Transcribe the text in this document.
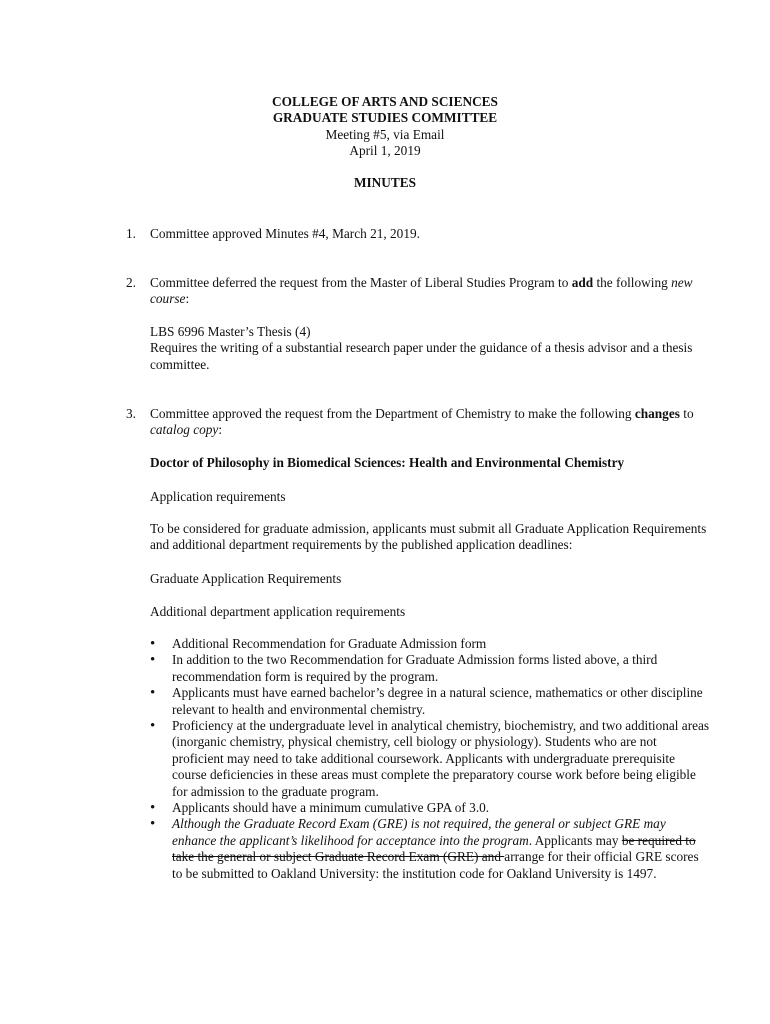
COLLEGE OF ARTS AND SCIENCES
GRADUATE STUDIES COMMITTEE
Meeting #5, via Email
April 1, 2019
MINUTES
1.	Committee approved Minutes #4, March 21, 2019.
2.	Committee deferred the request from the Master of Liberal Studies Program to add the following new course:
LBS 6996 Master’s Thesis (4)
Requires the writing of a substantial research paper under the guidance of a thesis advisor and a thesis committee.
3.	Committee approved the request from the Department of Chemistry to make the following changes to catalog copy:
Doctor of Philosophy in Biomedical Sciences: Health and Environmental Chemistry
Application requirements
To be considered for graduate admission, applicants must submit all Graduate Application Requirements and additional department requirements by the published application deadlines:
Graduate Application Requirements
Additional department application requirements
• Additional Recommendation for Graduate Admission form
• In addition to the two Recommendation for Graduate Admission forms listed above, a third recommendation form is required by the program.
• Applicants must have earned bachelor’s degree in a natural science, mathematics or other discipline relevant to health and environmental chemistry.
• Proficiency at the undergraduate level in analytical chemistry, biochemistry, and two additional areas (inorganic chemistry, physical chemistry, cell biology or physiology). Students who are not proficient may need to take additional coursework. Applicants with undergraduate prerequisite course deficiencies in these areas must complete the preparatory course work before being eligible for admission to the graduate program.
• Applicants should have a minimum cumulative GPA of 3.0.
• Although the Graduate Record Exam (GRE) is not required, the general or subject GRE may enhance the applicant’s likelihood for acceptance into the program. Applicants may be required to take the general or subject Graduate Record Exam (GRE) and arrange for their official GRE scores to be submitted to Oakland University: the institution code for Oakland University is 1497.
